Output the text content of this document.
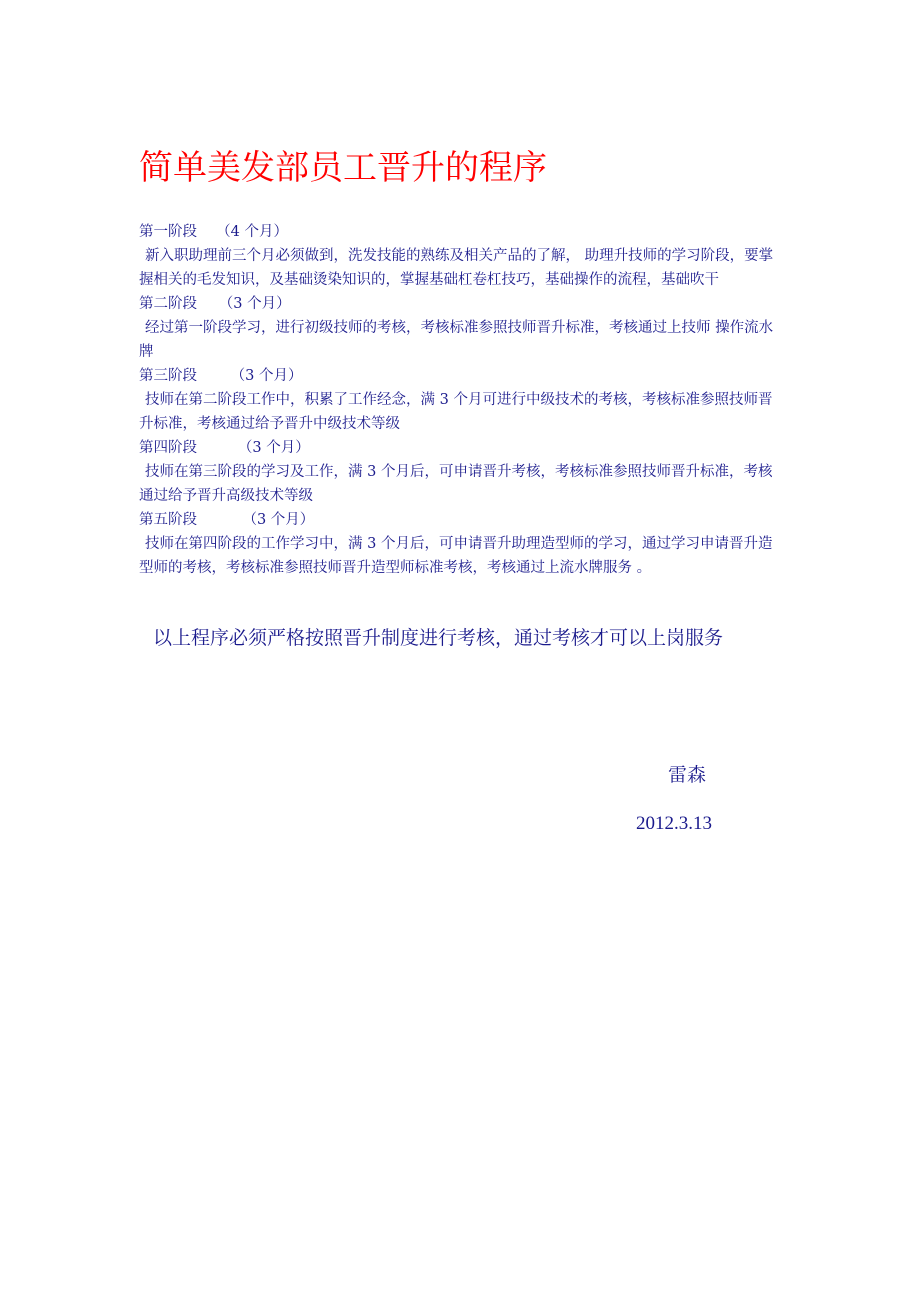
简单美发部员工晋升的程序

第一阶段　 （4 个月）

新入职助理前三个月必须做到，洗发技能的熟练及相关产品的了解， 助理升技师的学习阶段，要掌握相关的毛发知识，及基础烫染知识的，掌握基础杠卷杠技巧，基础操作的流程，基础吹干

第二阶段　　（3 个月）

经过第一阶段学习，进行初级技师的考核，考核标准参照技师晋升标准，考核通过上技师 操作流水牌

第三阶段　　 （3 个月）

技师在第二阶段工作中，积累了工作经念，满 3 个月可进行中级技术的考核，考核标准参照技师晋升标准，考核通过给予晋升中级技术等级

第四阶段　　 　（3 个月）

技师在第三阶段的学习及工作，满 3 个月后，可申请晋升考核，考核标准参照技师晋升标准，考核通过给予晋升高级技术等级

第五阶段　　  　（3 个月）

技师在第四阶段的工作学习中，满 3 个月后，可申请晋升助理造型师的学习，通过学习申请晋升造型师的考核，考核标准参照技师晋升造型师标准考核，考核通过上流水牌服务 。

以上程序必须严格按照晋升制度进行考核，通过考核才可以上岗服务

雷森

2012.3.13
